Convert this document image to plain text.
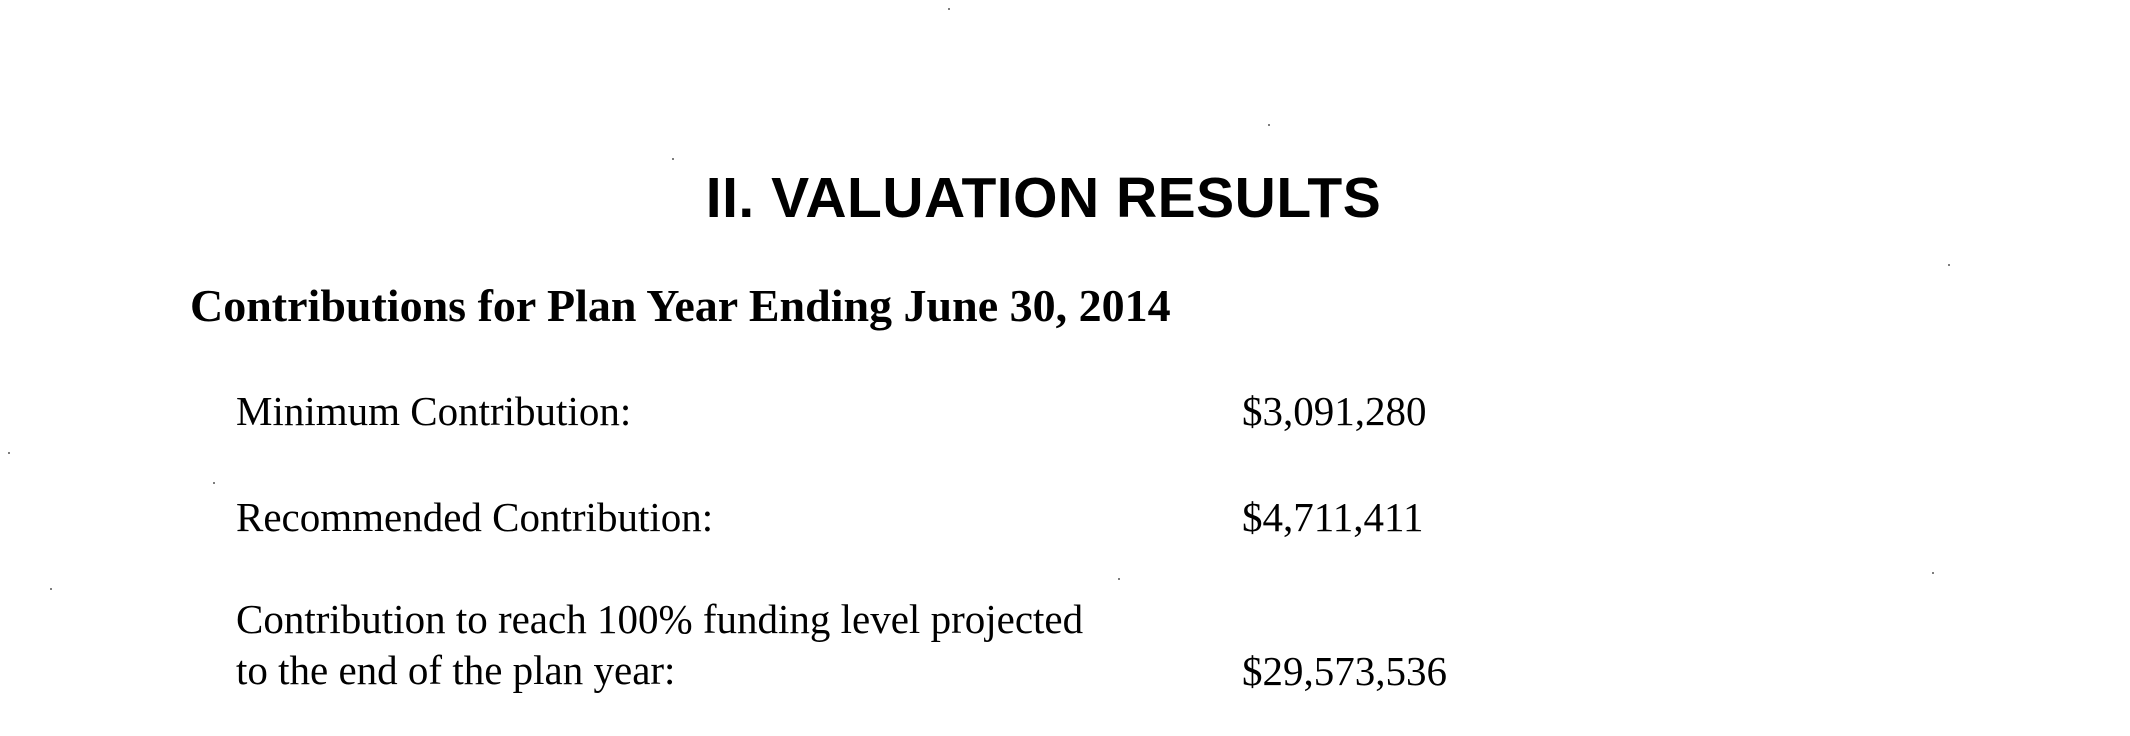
II. VALUATION RESULTS
Contributions for Plan Year Ending June 30, 2014
Minimum Contribution:	$3,091,280
Recommended Contribution:	$4,711,411
Contribution to reach 100% funding level projected
to the end of the plan year:	$29,573,536
